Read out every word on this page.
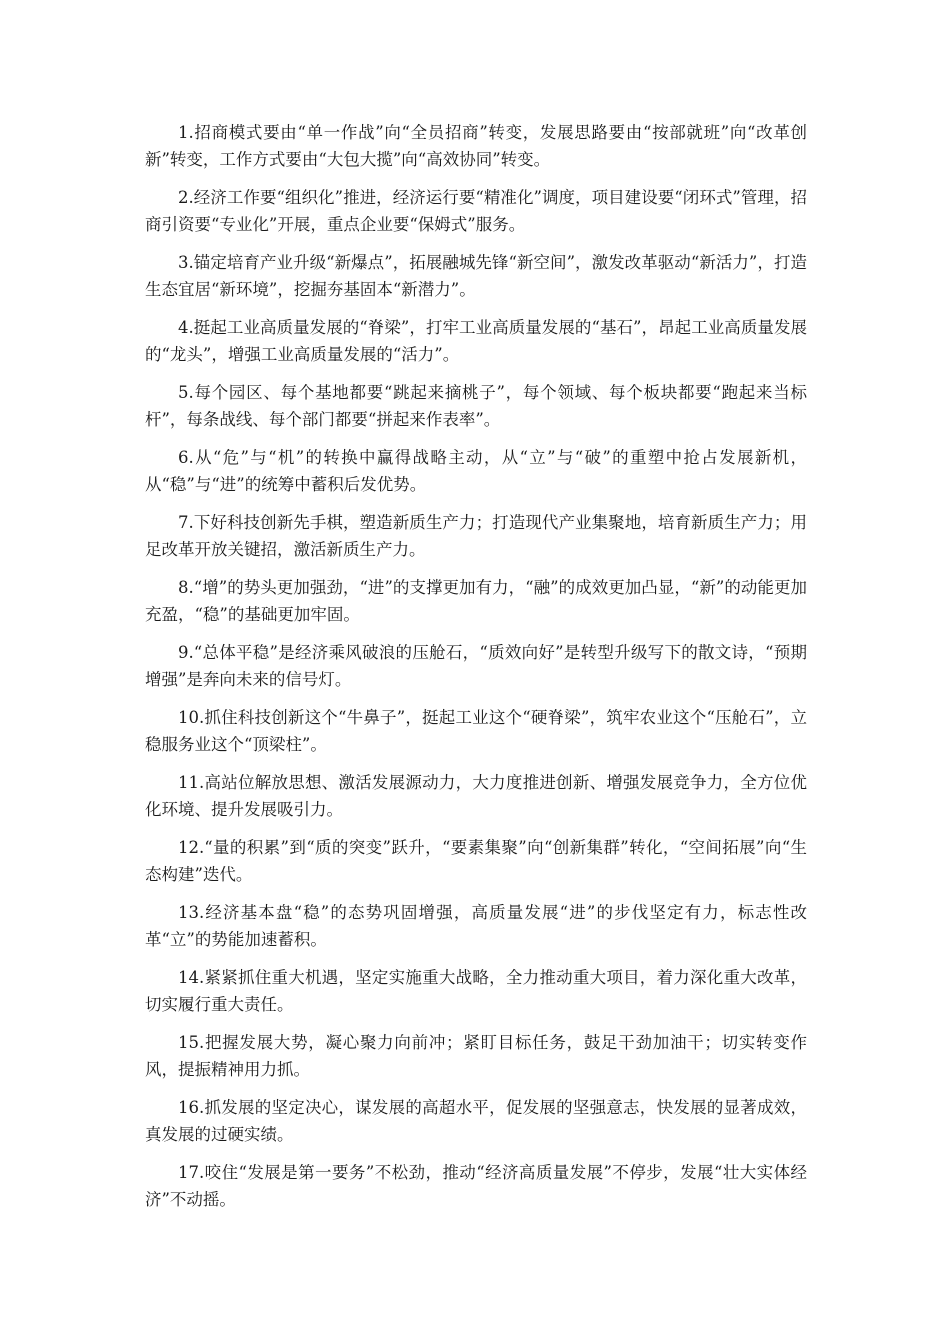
1.招商模式要由“单一作战”向“全员招商”转变，发展思路要由“按部就班”向“改革创新”转变，工作方式要由“大包大揽”向“高效协同”转变。

2.经济工作要“组织化”推进，经济运行要“精准化”调度，项目建设要“闭环式”管理，招商引资要“专业化”开展，重点企业要“保姆式”服务。

3.锚定培育产业升级“新爆点”，拓展融城先锋“新空间”，激发改革驱动“新活力”，打造生态宜居“新环境”，挖掘夯基固本“新潜力”。

4.挺起工业高质量发展的“脊梁”，打牢工业高质量发展的“基石”，昂起工业高质量发展的“龙头”，增强工业高质量发展的“活力”。

5.每个园区、每个基地都要“跳起来摘桃子”，每个领域、每个板块都要“跑起来当标杆”，每条战线、每个部门都要“拼起来作表率”。

6.从“危”与“机”的转换中赢得战略主动，从“立”与“破”的重塑中抢占发展新机，从“稳”与“进”的统筹中蓄积后发优势。

7.下好科技创新先手棋，塑造新质生产力；打造现代产业集聚地，培育新质生产力；用足改革开放关键招，激活新质生产力。

8.“增”的势头更加强劲，“进”的支撑更加有力，“融”的成效更加凸显，“新”的动能更加充盈，“稳”的基础更加牢固。

9.“总体平稳”是经济乘风破浪的压舱石，“质效向好”是转型升级写下的散文诗，“预期增强”是奔向未来的信号灯。

10.抓住科技创新这个“牛鼻子”，挺起工业这个“硬脊梁”，筑牢农业这个“压舱石”，立稳服务业这个“顶梁柱”。

11.高站位解放思想、激活发展源动力，大力度推进创新、增强发展竞争力，全方位优化环境、提升发展吸引力。

12.“量的积累”到“质的突变”跃升，“要素集聚”向“创新集群”转化，“空间拓展”向“生态构建”迭代。

13.经济基本盘“稳”的态势巩固增强，高质量发展“进”的步伐坚定有力，标志性改革“立”的势能加速蓄积。

14.紧紧抓住重大机遇，坚定实施重大战略，全力推动重大项目，着力深化重大改革，切实履行重大责任。

15.把握发展大势，凝心聚力向前冲；紧盯目标任务，鼓足干劲加油干；切实转变作风，提振精神用力抓。

16.抓发展的坚定决心，谋发展的高超水平，促发展的坚强意志，快发展的显著成效，真发展的过硬实绩。

17.咬住“发展是第一要务”不松劲，推动“经济高质量发展”不停步，发展“壮大实体经济”不动摇。
